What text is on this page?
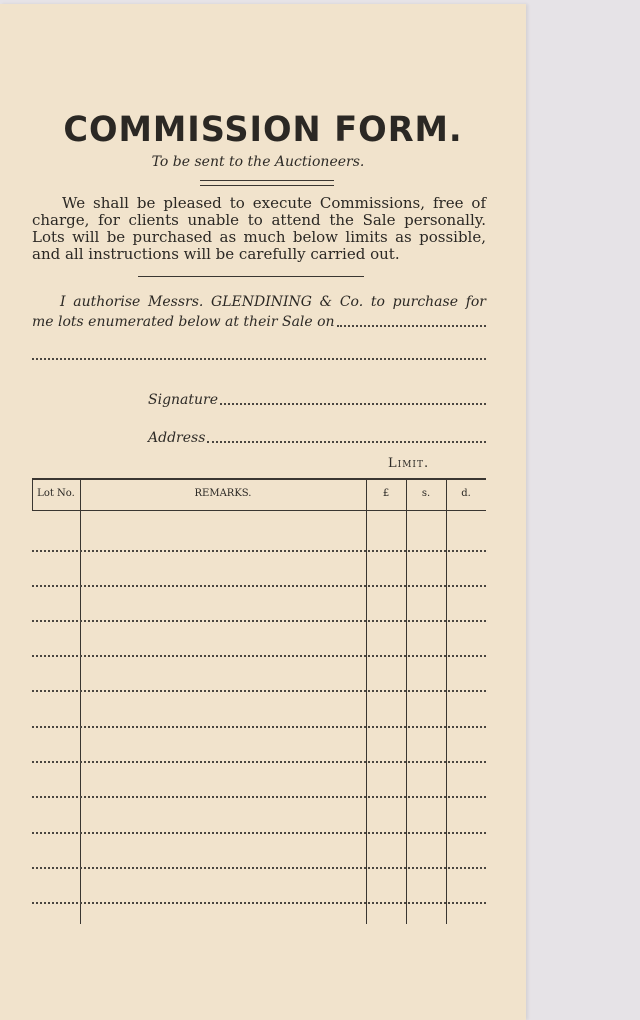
COMMISSION FORM.
To be sent to the Auctioneers.
We shall be pleased to execute Commissions, free of charge, for clients unable to attend the Sale personally. Lots will be purchased as much below limits as possible, and all instructions will be carefully carried out.
I authorise Messrs. GLENDINING & Co. to purchase for
me lots enumerated below at their Sale on
Signature
Address
Limit.
Lot No.	REMARKS.	£	s.	d.
